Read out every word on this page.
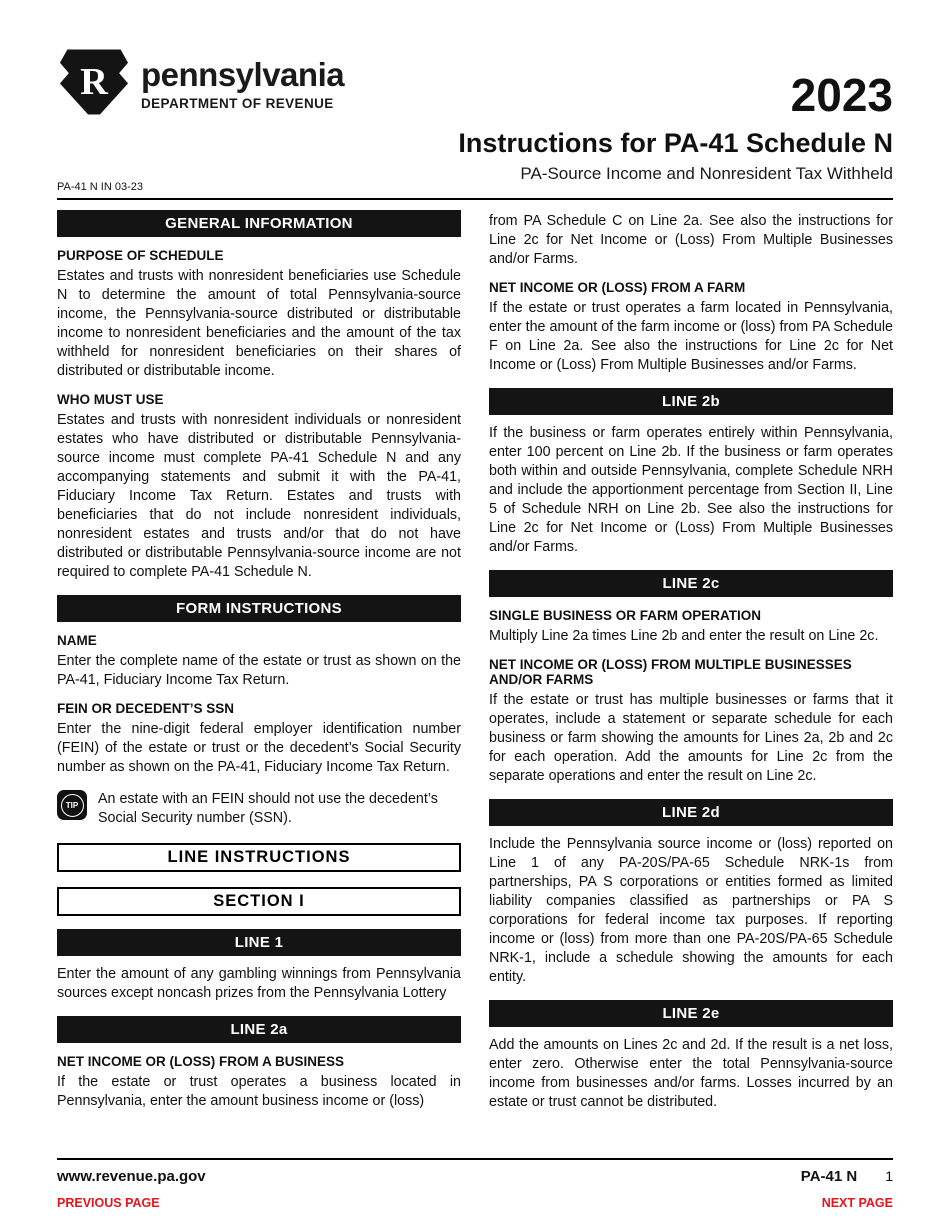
R pennsylvania
DEPARTMENT OF REVENUE	2023
Instructions for PA-41 Schedule N
PA-Source Income and Nonresident Tax Withheld
PA-41 N IN 03-23
GENERAL INFORMATION
PURPOSE OF SCHEDULE

Estates and trusts with nonresident beneficiaries use Schedule N to determine the amount of total Pennsylvania-source income, the Pennsylvania-source distributed or distributable income to nonresident beneficiaries and the amount of the tax withheld for nonresident beneficiaries on their shares of distributed or distributable income.

WHO MUST USE

Estates and trusts with nonresident individuals or nonresident estates who have distributed or distributable Pennsylvania-source income must complete PA-41 Schedule N and any accompanying statements and submit it with the PA-41, Fiduciary Income Tax Return. Estates and trusts with beneficiaries that do not include nonresident individuals, nonresident estates and trusts and/or that do not have distributed or distributable Pennsylvania-source income are not required to complete PA-41 Schedule N.

FORM INSTRUCTIONS
NAME

Enter the complete name of the estate or trust as shown on the PA-41, Fiduciary Income Tax Return.

FEIN OR DECEDENT’S SSN

Enter the nine-digit federal employer identification number (FEIN) of the estate or trust or the decedent’s Social Security number as shown on the PA-41, Fiduciary Income Tax Return.

TIP	An estate with an FEIN should not use the decedent’s Social Security number (SSN).

LINE INSTRUCTIONS
SECTION I
LINE 1

Enter the amount of any gambling winnings from Pennsylvania sources except noncash prizes from the Pennsylvania Lottery

LINE 2a
NET INCOME OR (LOSS) FROM A BUSINESS

If the estate or trust operates a business located in Pennsylvania, enter the amount business income or (loss)

from PA Schedule C on Line 2a. See also the instructions for Line 2c for Net Income or (Loss) From Multiple Businesses and/or Farms.

NET INCOME OR (LOSS) FROM A FARM

If the estate or trust operates a farm located in Pennsylvania, enter the amount of the farm income or (loss) from PA Schedule F on Line 2a. See also the instructions for Line 2c for Net Income or (Loss) From Multiple Businesses and/or Farms.

LINE 2b

If the business or farm operates entirely within Pennsylvania, enter 100 percent on Line 2b. If the business or farm operates both within and outside Pennsylvania, complete Schedule NRH and include the apportionment percentage from Section II, Line 5 of Schedule NRH on Line 2b. See also the instructions for Line 2c for Net Income or (Loss) From Multiple Businesses and/or Farms.

LINE 2c
SINGLE BUSINESS OR FARM OPERATION

Multiply Line 2a times Line 2b and enter the result on Line 2c.

NET INCOME OR (LOSS) FROM MULTIPLE BUSINESSES AND/OR FARMS

If the estate or trust has multiple businesses or farms that it operates, include a statement or separate schedule for each business or farm showing the amounts for Lines 2a, 2b and 2c for each operation. Add the amounts for Line 2c from the separate operations and enter the result on Line 2c.

LINE 2d

Include the Pennsylvania source income or (loss) reported on Line 1 of any PA-20S/PA-65 Schedule NRK-1s from partnerships, PA S corporations or entities formed as limited liability companies classified as partnerships or PA S corporations for federal income tax purposes. If reporting income or (loss) from more than one PA-20S/PA-65 Schedule NRK-1, include a schedule showing the amounts for each entity.

LINE 2e

Add the amounts on Lines 2c and 2d. If the result is a net loss, enter zero. Otherwise enter the total Pennsylvania-source income from businesses and/or farms. Losses incurred by an estate or trust cannot be distributed.

www.revenue.pa.gov	PA-41 N 1
PREVIOUS PAGE	NEXT PAGE
